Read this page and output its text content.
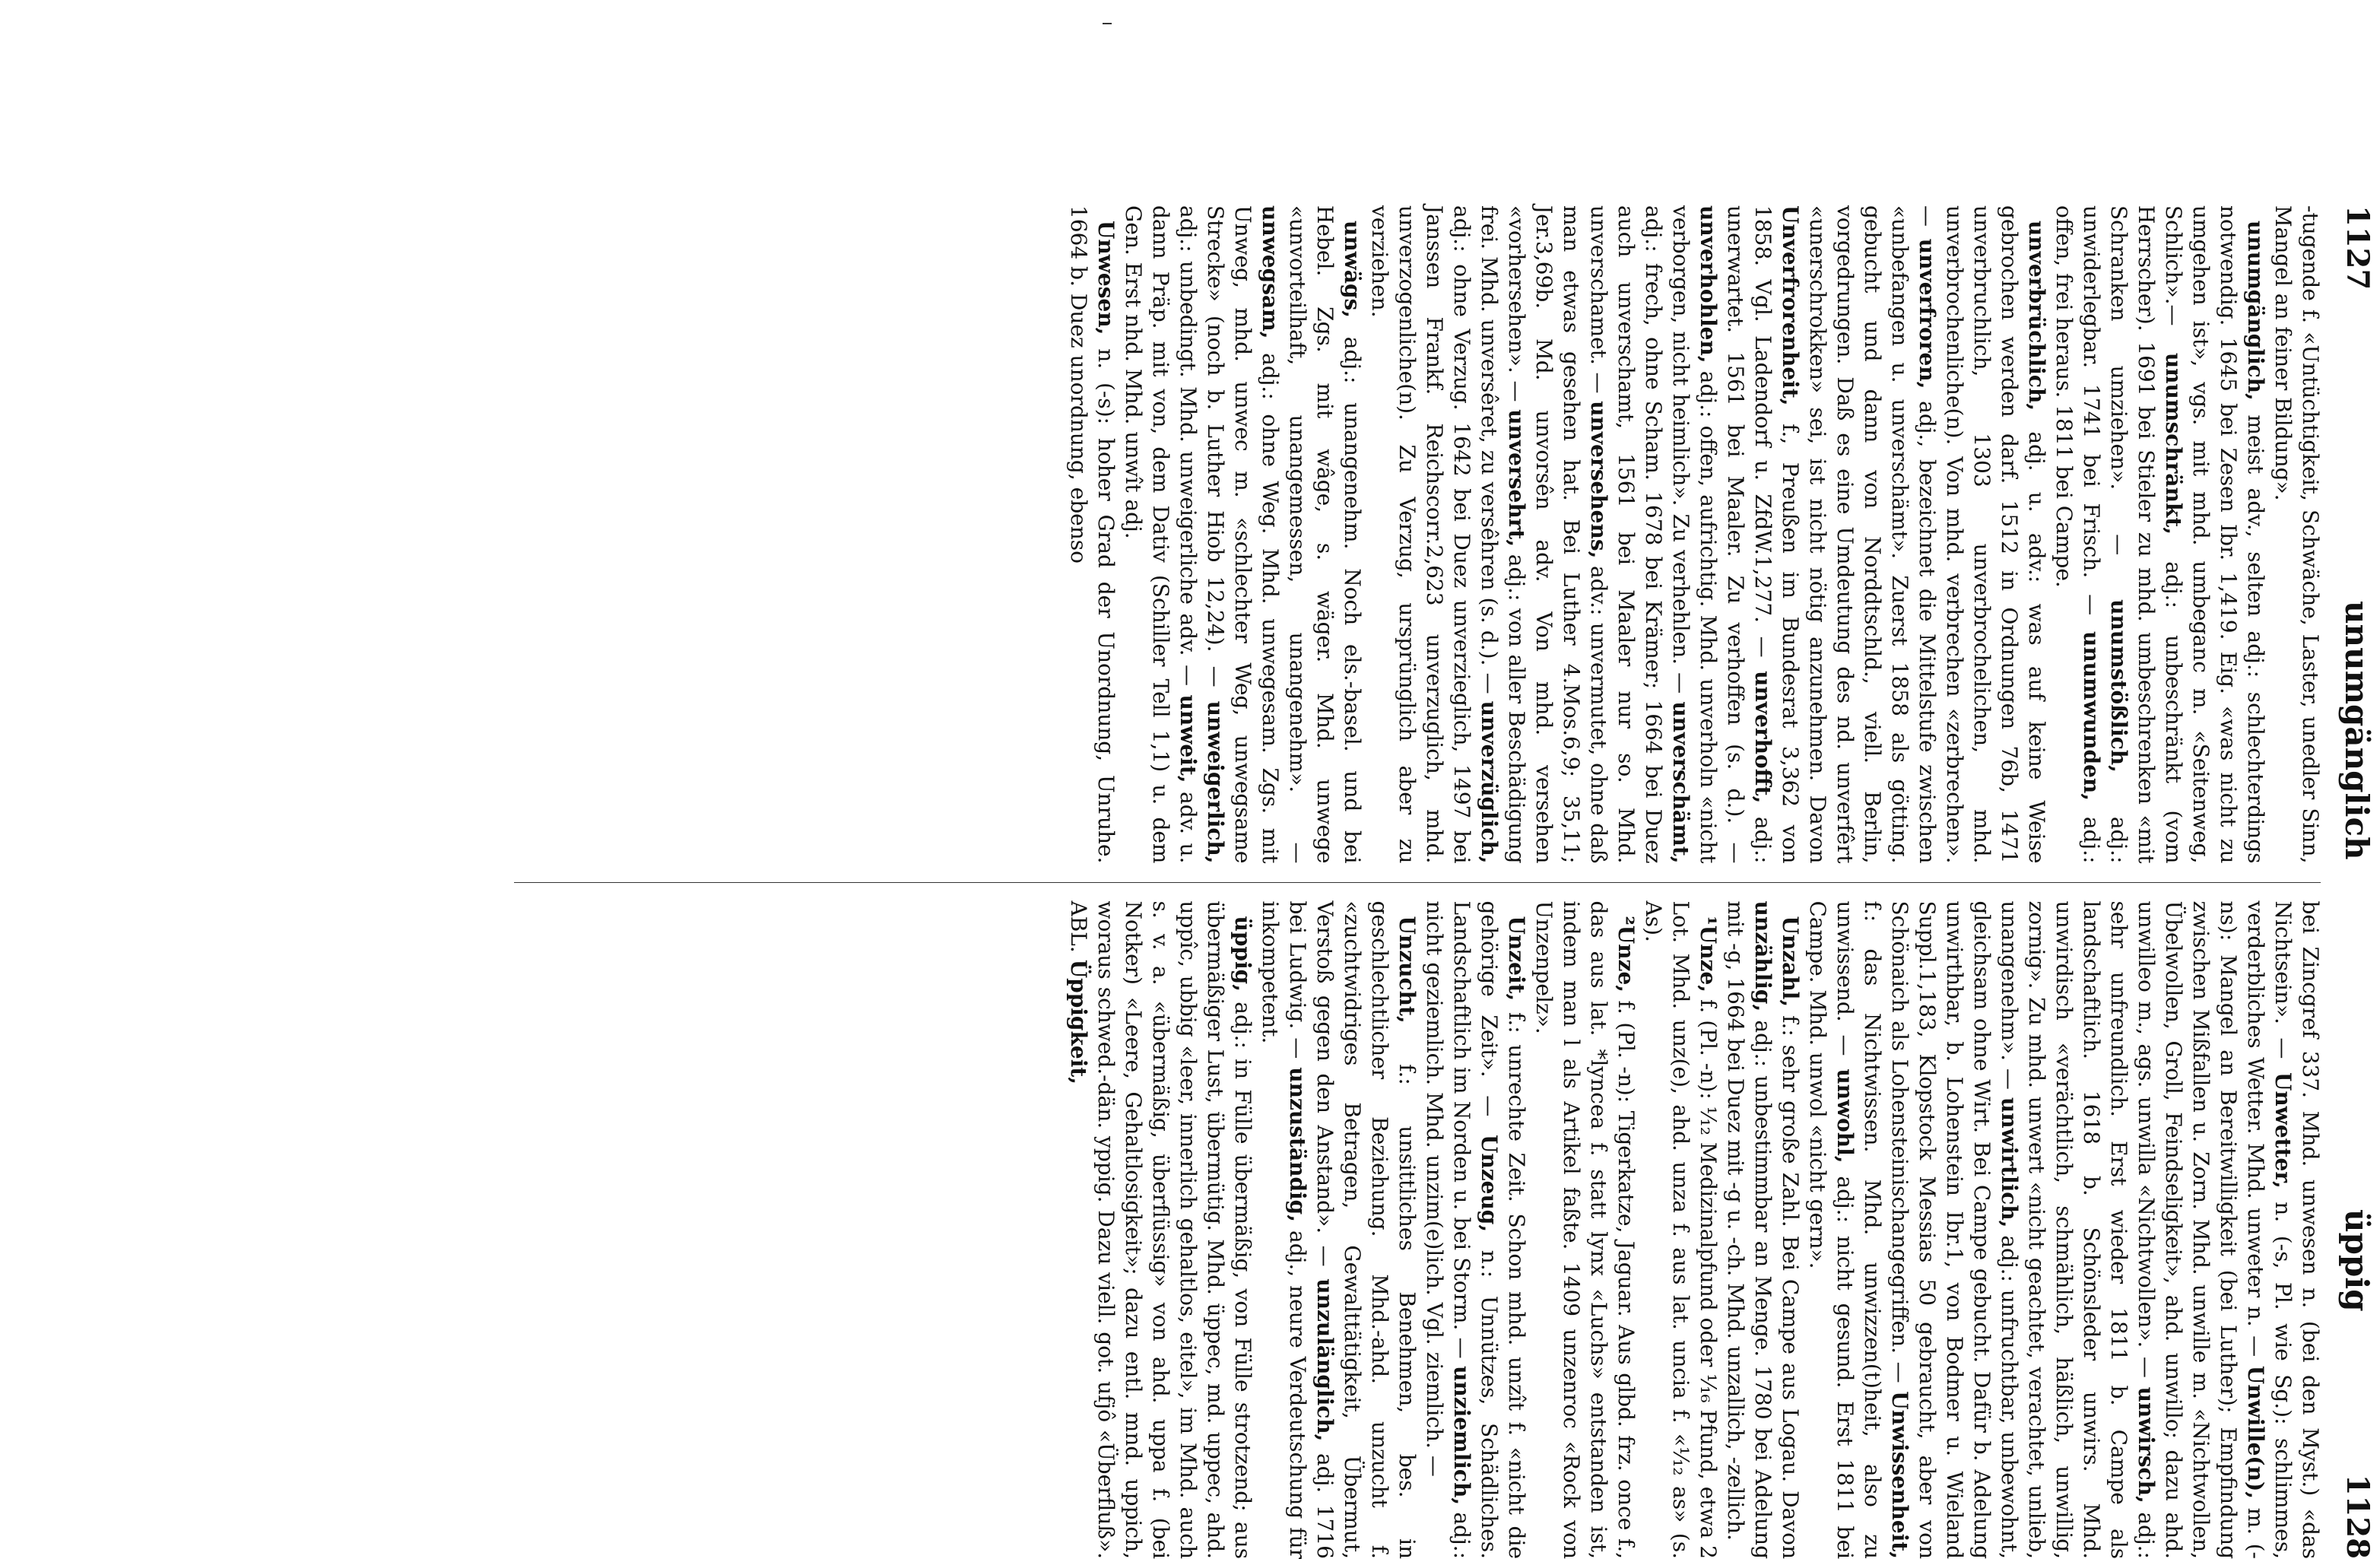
1127
unumgänglich
üppig
1128

-tugende f. «Untüchtigkeit, Schwäche, Laster, unedler Sinn, Mangel an feiner Bildung».

unumgänglich, meist adv., selten adj.: schlechterdings notwendig. 1645 bei Zesen Ibr. 1,419. Eig. «was nicht zu umgehen ist», vgs. mit mhd. umbeganc m. «Seitenweg, Schlich».— unumschränkt, adj.: unbeschränkt (vom Herrscher). 1691 bei Stieler zu mhd. umbeschrenken «mit Schranken umziehen». — unumstößlich, adj.: unwiderlegbar. 1741 bei Frisch. — unumwunden, adj.: offen, frei heraus. 1811 bei Campe.

unverbrüchlich, adj. u. adv.: was auf keine Weise gebrochen werden darf. 1512 in Ordnungen 76b, 1471 unverbruchlich, 1303 unverbrochelichen, mhd. unverbrochenliche(n). Von mhd. verbrechen «zerbrechen». — unverfroren, adj., bezeichnet die Mittelstufe zwischen «unbefangen u. unverschämt». Zuerst 1858 als götting. gebucht und dann von Norddtschld., viell. Berlin, vorgedrungen. Daß es eine Umdeutung des nd. unverfêrt «unerschrokken» sei, ist nicht nötig anzunehmen. Davon Unverfrorenheit, f., Preußen im Bundesrat 3,362 von 1858. Vgl. Ladendorf u. ZfdW.1,277. — unverhofft, adj.: unerwartet. 1561 bei Maaler. Zu verhoffen (s. d.). — unverhohlen, adj.: offen, aufrichtig. Mhd. unverholn «nicht verborgen, nicht heimlich». Zu verhehlen. — unverschämt, adj.: frech, ohne Scham. 1678 bei Krämer; 1664 bei Duez auch unverschamt, 1561 bei Maaler nur so. Mhd. unverschamet. — unversehens, adv.: unvermutet, ohne daß man etwas gesehen hat. Bei Luther 4.Mos.6,9; 35,11; Jer.3,69b. Md. unvorsên adv. Von mhd. versehen «vorhersehen». — unversehrt, adj.: von aller Beschädigung frei. Mhd. unversêret, zu versêhren (s. d.). — unverzüglich, adj.: ohne Verzug. 1642 bei Duez unverzieglich, 1497 bei Janssen Frankf. Reichscorr.2,623 unverzuglich, mhd. unverzogenliche(n). Zu Verzug, ursprünglich aber zu verziehen.

unwägs, adj.: unangenehm. Noch els.-basel. und bei Hebel. Zgs. mit wâge, s. wäger. Mhd. unwege «unvorteilhaft, unangemessen, unangenehm». — unwegsam, adj.: ohne Weg. Mhd. unwegesam. Zgs. mit Unweg, mhd. unwec m. «schlechter Weg, unwegsame Strecke» (noch b. Luther Hiob 12,24). — unweigerlich, adj.: unbedingt. Mhd. unweigerliche adv. — unweit, adv. u. dann Präp. mit von, dem Dativ (Schiller Tell 1,1) u. dem Gen. Erst nhd. Mhd. unwît adj.

Unwesen, n. (-s): hoher Grad der Unordnung, Unruhe. 1664 b. Duez unordnung, ebenso

bei Zincgref 337. Mhd. unwesen n. (bei den Myst.) «das Nichtsein». — Unwetter, n. (-s, Pl. wie Sg.): schlimmes, verderbliches Wetter. Mhd. unweter n. — Unwille(n), m. (-ns): Mangel an Bereitwilligkeit (bei Luther); Empfindung zwischen Mißfallen u. Zorn. Mhd. unwille m. «Nichtwollen, Übelwollen, Groll, Feindseligkeit», ahd. unwillo; dazu ahd. unwilleo m., ags. unwilla «Nichtwollen». — unwirsch, adj.: sehr unfreundlich. Erst wieder 1811 b. Campe als landschaftlich. 1618 b. Schönsleder unwirs. Mhd. unwirdisch «verächtlich, schmählich, häßlich, unwillig, zornig». Zu mhd. unwert «nicht geachtet, verachtet, unlieb, unangenehm». — unwirtlich, adj.: unfruchtbar, unbewohnt, gleichsam ohne Wirt. Bei Campe gebucht. Dafür b. Adelung unwirthbar, b. Lohenstein Ibr.1, von Bodmer u. Wieland Suppl.1,183, Klopstock Messias 50 gebraucht, aber von Schönaich als Lohensteinischangegriffen. — Unwissenheit, f.: das Nichtwissen. Mhd. unwizzen(t)heit, also zu unwissend. — unwohl, adj.: nicht gesund. Erst 1811 bei Campe. Mhd. unwol «nicht gern».

Unzahl, f.: sehr große Zahl. Bei Campe aus Logau. Davon unzählig, adj.: unbestimmbar an Menge. 1780 bei Adelung mit -g, 1664 bei Duez mit -g u. -ch. Mhd. unzallich, -zellich.

¹Unze, f. (Pl. -n): ¹⁄₁₂ Medizinalpfund oder ¹⁄₁₆ Pfund, etwa 2 Lot. Mhd. unz(e), ahd. unza f. aus lat. uncia f. «¹⁄₁₂ as» (s. As).

²Unze, f. (Pl. -n): Tigerkatze, Jaguar. Aus glbd. frz. once f., das aus lat. *lyncea f. statt lynx «Luchs» entstanden ist, indem man l als Artikel faßte. 1409 unzenroc «Rock von Unzenpelz».

Unzeit, f.: unrechte Zeit. Schon mhd. unzît f. «nicht die gehörige Zeit». — Unzeug, n.: Unnützes, Schädliches. Landschaftlich im Norden u. bei Storm. — unziemlich, adj.: nicht geziemlich. Mhd. unzim(e)lich. Vgl. ziemlich. —

Unzucht, f.: unsittliches Benehmen, bes. in geschlechtlicher Beziehung. Mhd.-ahd. unzucht f. «zuchtwidriges Betragen, Gewalttätigkeit, Übermut, Verstoß gegen den Anstand». — unzulänglich, adj. 1716 bei Ludwig. — unzuständig, adj., neure Verdeutschung für inkompetent.

üppig, adj.: in Fülle übermäßig, von Fülle strotzend; aus übermäßiger Lust, übermütig. Mhd. üppec, md. uppec, ahd. uppîc, ubbig «leer, innerlich gehaltlos, eitel», im Mhd. auch s. v. a. «übermäßig, überflüssig» von ahd. uppa f. (bei Notker) «Leere, Gehaltlosigkeit»; dazu entl. mnd. uppich, woraus schwed.-dän. yppig. Dazu viell. got. ufjô «Überfluß». ABL. Üppigkeit,
